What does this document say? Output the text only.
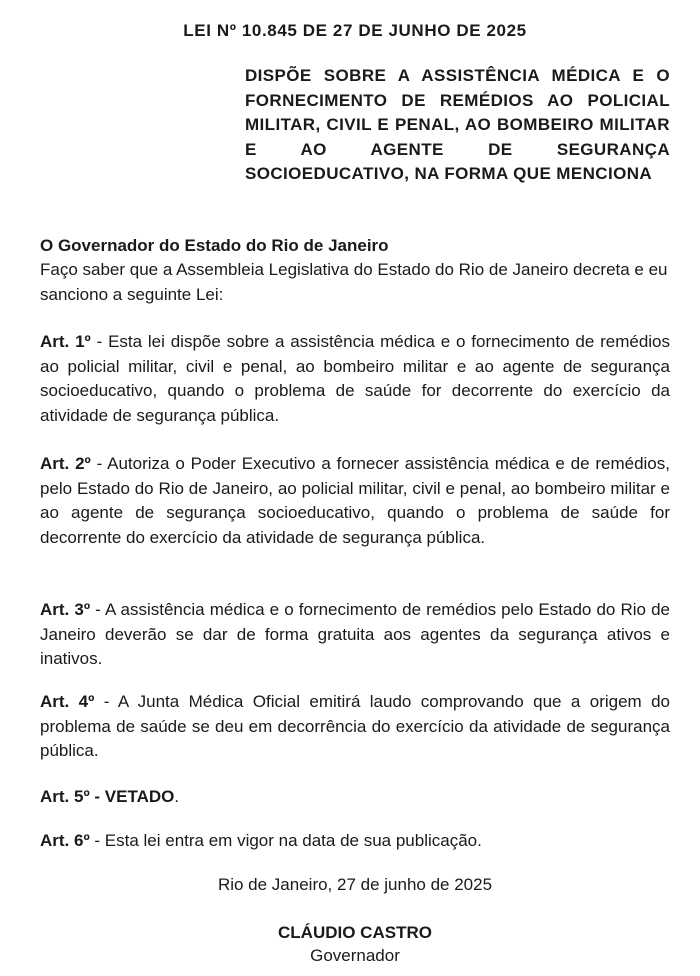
LEI Nº 10.845 DE 27 DE JUNHO DE 2025

DISPÕE SOBRE A ASSISTÊNCIA MÉDICA E O FORNECIMENTO DE REMÉDIOS AO POLICIAL MILITAR, CIVIL E PENAL, AO BOMBEIRO MILITAR E AO AGENTE DE SEGURANÇA SOCIOEDUCATIVO, NA FORMA QUE MENCIONA

O Governador do Estado do Rio de Janeiro

Faço saber que a Assembleia Legislativa do Estado do Rio de Janeiro decreta e eu sanciono a seguinte Lei:

Art. 1º - Esta lei dispõe sobre a assistência médica e o fornecimento de remédios ao policial militar, civil e penal, ao bombeiro militar e ao agente de segurança socioeducativo, quando o problema de saúde for decorrente do exercício da atividade de segurança pública.

Art. 2º - Autoriza o Poder Executivo a fornecer assistência médica e de remédios, pelo Estado do Rio de Janeiro, ao policial militar, civil e penal, ao bombeiro militar e ao agente de segurança socioeducativo, quando o problema de saúde for decorrente do exercício da atividade de segurança pública.

Art. 3º - A assistência médica e o fornecimento de remédios pelo Estado do Rio de Janeiro deverão se dar de forma gratuita aos agentes da segurança ativos e inativos.

Art. 4º - A Junta Médica Oficial emitirá laudo comprovando que a origem do problema de saúde se deu em decorrência do exercício da atividade de segurança pública.

Art. 5º - VETADO.

Art. 6º - Esta lei entra em vigor na data de sua publicação.

Rio de Janeiro, 27 de junho de 2025

CLÁUDIO CASTRO

Governador
